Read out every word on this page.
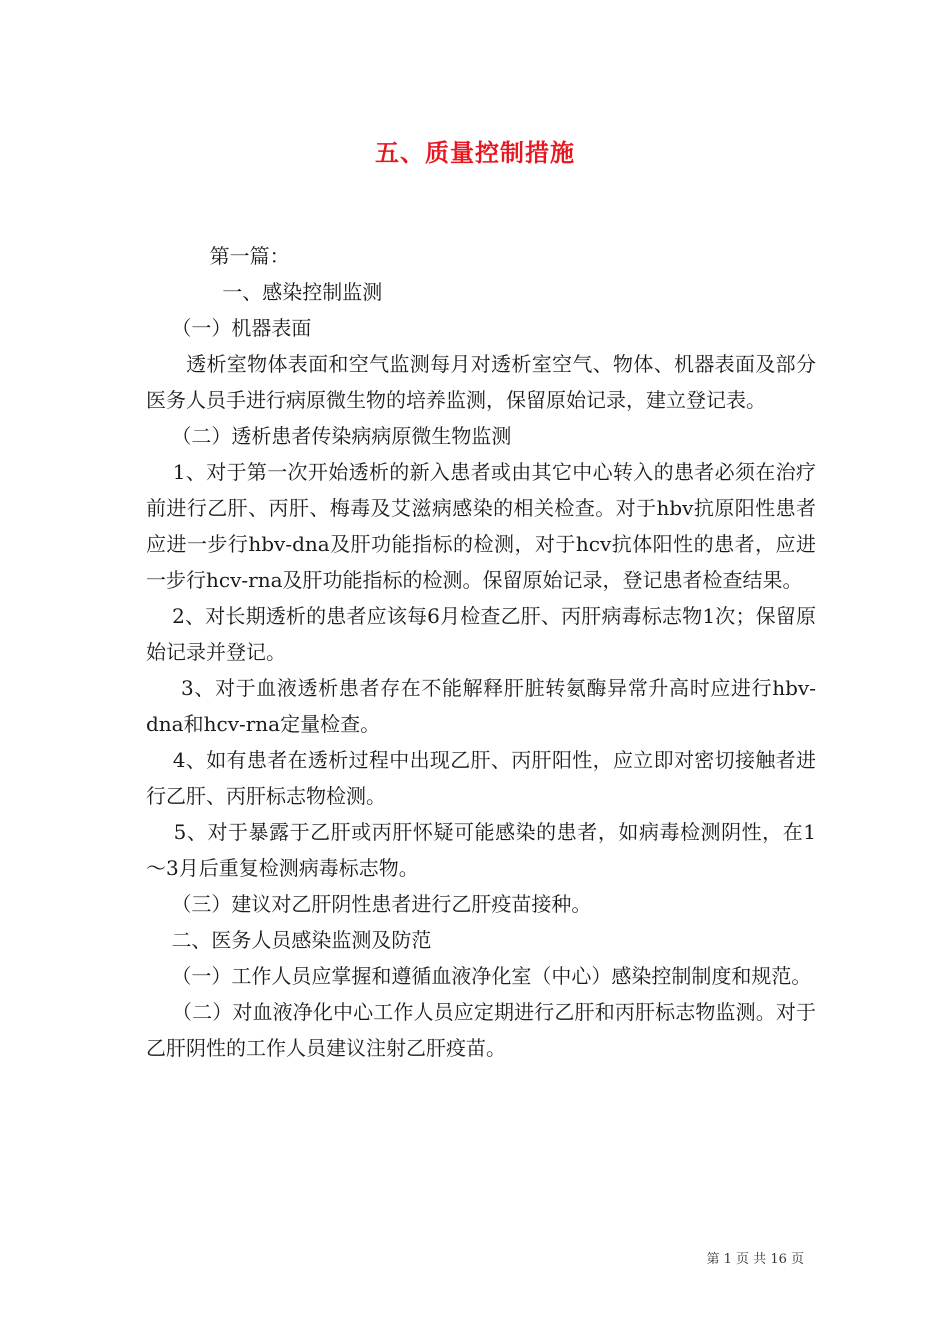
五、质量控制措施

第一篇：

一、感染控制监测

（一）机器表面

透析室物体表面和空气监测每月对透析室空气、物体、机器表面及部分医务人员手进行病原微生物的培养监测，保留原始记录，建立登记表。

（二）透析患者传染病病原微生物监测

1、对于第一次开始透析的新入患者或由其它中心转入的患者必须在治疗前进行乙肝、丙肝、梅毒及艾滋病感染的相关检查。对于hbv抗原阳性患者应进一步行hbv-dna及肝功能指标的检测，对于hcv抗体阳性的患者，应进一步行hcv-rna及肝功能指标的检测。保留原始记录，登记患者检查结果。

2、对长期透析的患者应该每6月检查乙肝、丙肝病毒标志物1次；保留原始记录并登记。

3、对于血液透析患者存在不能解释肝脏转氨酶异常升高时应进行hbv-dna和hcv-rna定量检查。

4、如有患者在透析过程中出现乙肝、丙肝阳性，应立即对密切接触者进行乙肝、丙肝标志物检测。

5、对于暴露于乙肝或丙肝怀疑可能感染的患者，如病毒检测阴性，在1～3月后重复检测病毒标志物。

（三）建议对乙肝阴性患者进行乙肝疫苗接种。

二、医务人员感染监测及防范

（一）工作人员应掌握和遵循血液净化室（中心）感染控制制度和规范。

（二）对血液净化中心工作人员应定期进行乙肝和丙肝标志物监测。对于乙肝阴性的工作人员建议注射乙肝疫苗。

第 1 页 共 16 页
